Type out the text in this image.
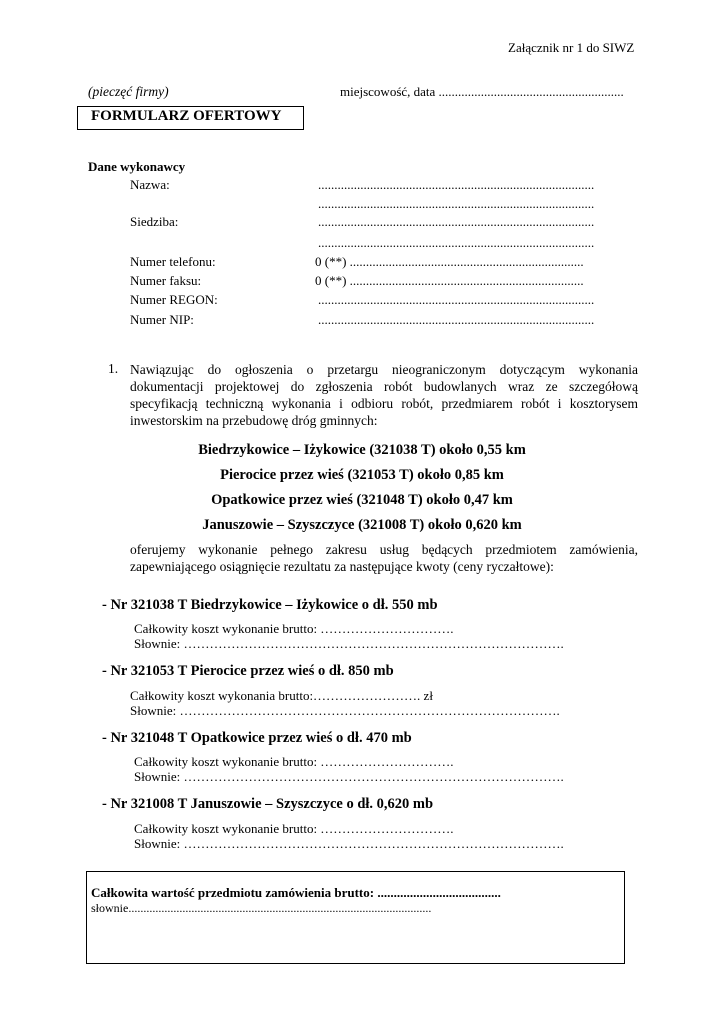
Załącznik nr 1 do SIWZ
(pieczęć firmy)	miejscowość, data .........................................................
FORMULARZ OFERTOWY
Dane wykonawcy
Nazwa:	.....................................................................................
.....................................................................................
Siedziba:	.....................................................................................
.....................................................................................
Numer telefonu:	0 (**) ........................................................................
Numer faksu:	0 (**) ........................................................................
Numer REGON:	.....................................................................................
Numer NIP:	.....................................................................................
1. Nawiązując do ogłoszenia o przetargu nieograniczonym dotyczącym wykonania dokumentacji projektowej do zgłoszenia robót budowlanych wraz ze szczegółową specyfikacją techniczną wykonania i odbioru robót, przedmiarem robót i kosztorysem inwestorskim na przebudowę dróg gminnych:
Biedrzykowice – Iżykowice (321038 T) około 0,55 km
Pierocice przez wieś (321053 T) około 0,85 km
Opatkowice przez wieś (321048 T) około 0,47 km
Januszowie – Szyszczyce (321008 T) około 0,620 km
oferujemy wykonanie pełnego zakresu usług będących przedmiotem zamówienia, zapewniającego osiągnięcie rezultatu za następujące kwoty (ceny ryczałtowe):
- Nr 321038 T Biedrzykowice – Iżykowice o dł. 550 mb
Całkowity koszt wykonanie brutto: ………………………….
Słownie: …………………………………………………………………………….
- Nr 321053 T Pierocice przez wieś o dł. 850 mb
Całkowity koszt wykonania brutto:……………………. zł
Słownie: …………………………………………………………………………….
- Nr 321048 T Opatkowice przez wieś o dł. 470 mb
Całkowity koszt wykonanie brutto: ………………………….
Słownie: …………………………………………………………………………….
- Nr 321008 T Januszowie – Szyszczyce o dł. 0,620 mb
Całkowity koszt wykonanie brutto: ………………………….
Słownie: …………………………………………………………………………….
Całkowita wartość przedmiotu zamówienia brutto: ......................................
słownie.....................................................................................................
